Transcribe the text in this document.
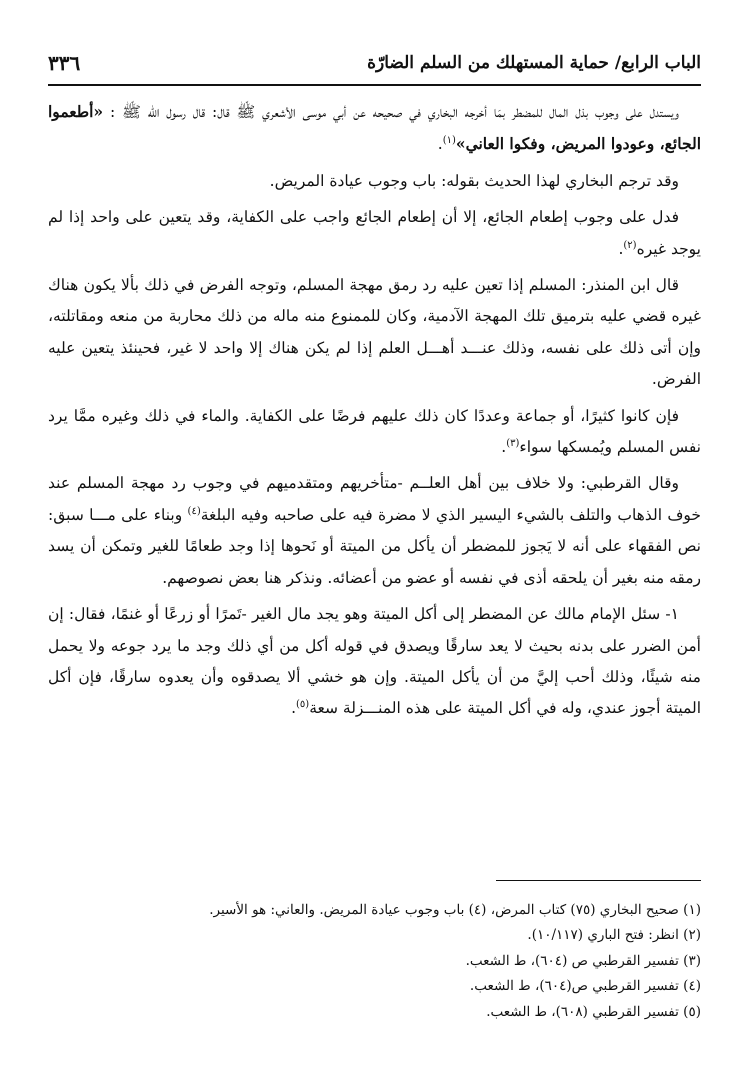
الباب الرابع/ حماية المستهلك من السلم الضارّة
٣٣٦

ويستدل على وجوب بذل المال للمضطر بمَا أخرجه البخاري في صحيحه عن أبي موسى الأشعري ﷺ قال: قال رسول الله ﷺ : «أطعموا الجائع، وعودوا المريض، وفكوا العاني»$^{(١)}$.

وقد ترجم البخاري لهذا الحديث بقوله: باب وجوب عيادة المريض.

فدل على وجوب إطعام الجائع، إلا أن إطعام الجائع واجب على الكفاية، وقد يتعين على واحد إذا لم يوجد غيره$^{(٢)}$.

قال ابن المنذر: المسلم إذا تعين عليه رد رمق مهجة المسلم، وتوجه الفرض في ذلك بألا يكون هناك غيره قضي عليه بترميق تلك المهجة الآدمية، وكان للممنوع منه ماله من ذلك محاربة من منعه ومقاتلته، وإن أتى ذلك على نفسه، وذلك عنـــد أهـــل العلم إذا لم يكن هناك إلا واحد لا غير، فحينئذ يتعين عليه الفرض.

فإن كانوا كثيرًا، أو جماعة وعددًا كان ذلك عليهم فرضًا على الكفاية. والماء في ذلك وغيره ممَّا يرد نفس المسلم ويُمسكها سواء$^{(٣)}$.

وقال القرطبي: ولا خلاف بين أهل العلــم -متأخريهم ومتقدميهم في وجوب رد مهجة المسلم عند خوف الذهاب والتلف بالشيء اليسير الذي لا مضرة فيه على صاحبه وفيه البلغة$^{(٤)}$ وبناء على مـــا سبق: نص الفقهاء على أنه لا يَجوز للمضطر أن يأكل من الميتة أو نَحوها إذا وجد طعامًا للغير وتمكن أن يسد رمقه منه بغير أن يلحقه أذى في نفسه أو عضو من أعضائه. ونذكر هنا بعض نصوصهم.

١- سئل الإمام مالك عن المضطر إلى أكل الميتة وهو يجد مال الغير -تَمرًا أو زرعًا أو غنمًا، فقال: إن أمن الضرر على بدنه بحيث لا يعد سارقًا ويصدق في قوله أكل من أي ذلك وجد ما يرد جوعه ولا يحمل منه شيئًا، وذلك أحب إليَّ من أن يأكل الميتة. وإن هو خشي ألا يصدقوه وأن يعدوه سارقًا، فإن أكل الميتة أجوز عندي، وله في أكل الميتة على هذه المنـــزلة سعة$^{(٥)}$.

(١) صحيح البخاري (٧٥) كتاب المرض، (٤) باب وجوب عيادة المريض. والعاني: هو الأسير.

(٢) انظر: فتح الباري (١٠/١١٧).

(٣) تفسير القرطبي ص (٦٠٤)، ط الشعب.

(٤) تفسير القرطبي ص(٦٠٤)، ط الشعب.

(٥) تفسير القرطبي (٦٠٨)، ط الشعب.
